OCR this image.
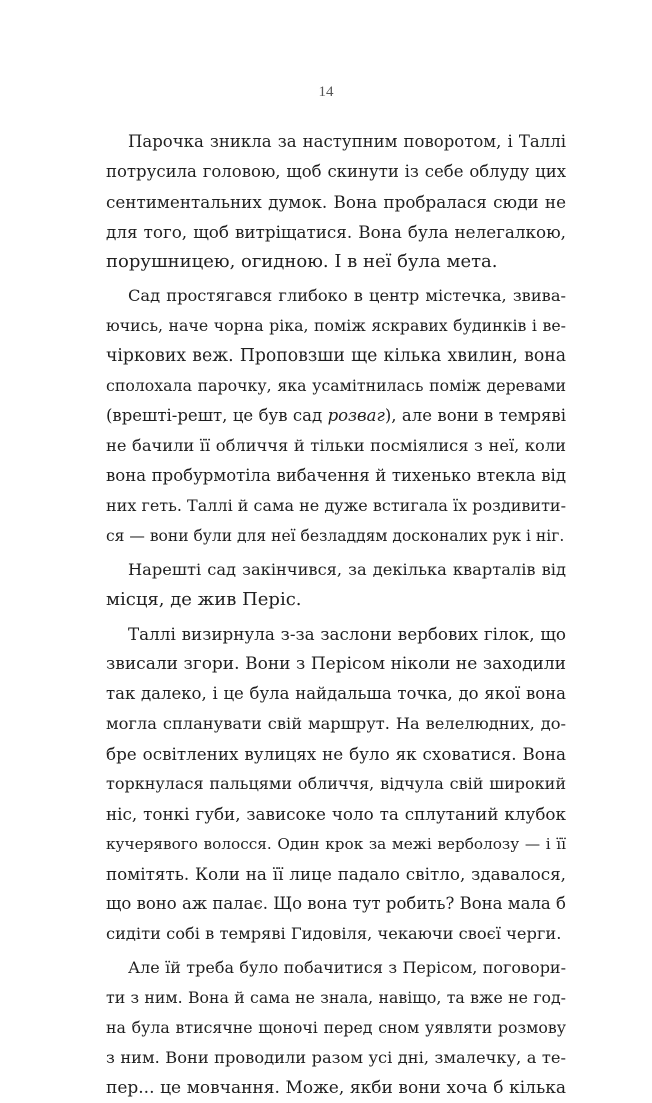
14
Парочка зникла за наступним поворотом, і Таллі
потрусила головою, щоб скинути із себе облуду цих
сентиментальних думок. Вона пробралася сюди не
для того, щоб витріщатися. Вона була нелегалкою,
порушницею, огидною. І в неї була мета.
Сад простягався глибоко в центр містечка, звива-
ючись, наче чорна ріка, поміж яскравих будинків і ве-
чіркових веж. Проповзши ще кілька хвилин, вона
сполохала парочку, яка усамітнилась поміж деревами
(врешті-решт, це був сад розваг), але вони в темряві
не бачили її обличчя й тільки посміялися з неї, коли
вона пробурмотіла вибачення й тихенько втекла від
них геть. Таллі й сама не дуже встигала їх роздивити-
ся — вони були для неї безладдям досконалих рук і ніг.
Нарешті сад закінчився, за декілька кварталів від
місця, де жив Періс.
Таллі визирнула з-за заслони вербових гілок, що
звисали згори. Вони з Перісом ніколи не заходили
так далеко, і це була найдальша точка, до якої вона
могла спланувати свій маршрут. На велелюдних, до-
бре освітлених вулицях не було як сховатися. Вона
торкнулася пальцями обличчя, відчула свій широкий
ніс, тонкі губи, зависоке чоло та сплутаний клубок
кучерявого волосся. Один крок за межі верболозу — і її
помітять. Коли на її лице падало світло, здавалося,
що воно аж палає. Що вона тут робить? Вона мала б
сидіти собі в темряві Гидовіля, чекаючи своєї черги.
Але їй треба було побачитися з Перісом, поговори-
ти з ним. Вона й сама не знала, навіщо, та вже не год-
на була втисячне щоночі перед сном уявляти розмову
з ним. Вони проводили разом усі дні, змалечку, а те-
пер... це мовчання. Може, якби вони хоча б кілька
